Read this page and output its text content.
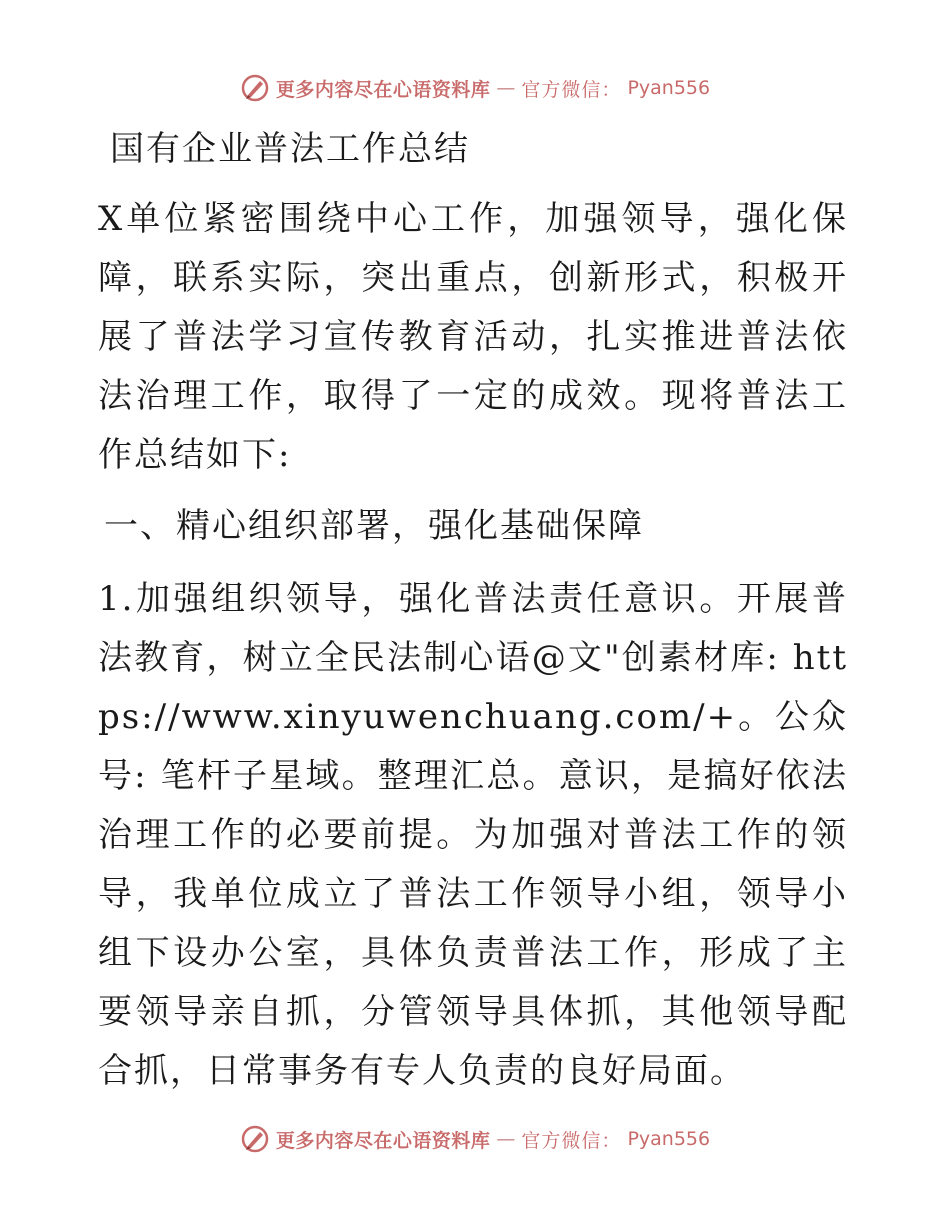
更多内容尽在心语资料库 — 官方微信： Pyan556
国有企业普法工作总结

X单位紧密围绕中心工作，加强领导，强化保障，联系实际，突出重点，创新形式，积极开展了普法学习宣传教育活动，扎实推进普法依法治理工作，取得了一定的成效。现将普法工作总结如下:

一、精心组织部署，强化基础保障

1.加强组织领导，强化普法责任意识。开展普法教育，树立全民法制心语@文"创素材库: https://www.xinyuwenchuang.com/+。公众号: 笔杆子星域。整理汇总。意识，是搞好依法治理工作的必要前提。为加强对普法工作的领导，我单位成立了普法工作领导小组，领导小组下设办公室，具体负责普法工作，形成了主要领导亲自抓，分管领导具体抓，其他领导配合抓，日常事务有专人负责的良好局面。

更多内容尽在心语资料库 — 官方微信： Pyan556
